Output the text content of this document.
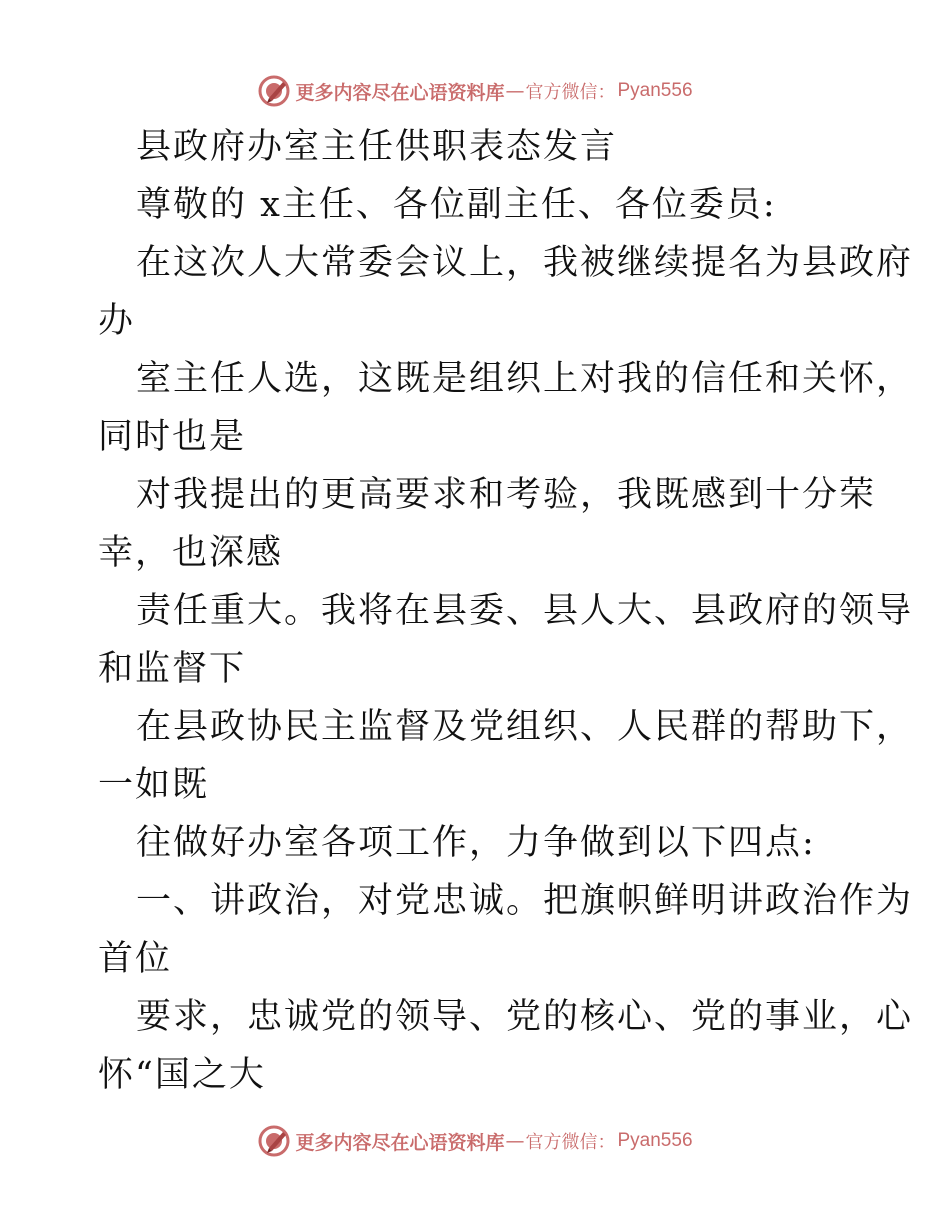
更多内容尽在心语资料库 — 官方微信： Pyan556
县政府办室主任供职表态发言
尊敬的 x主任、各位副主任、各位委员:
在这次人大常委会议上，我被继续提名为县政府
办
室主任人选，这既是组织上对我的信任和关怀，
同时也是
对我提出的更高要求和考验，我既感到十分荣
幸，也深感
责任重大。我将在县委、县人大、县政府的领导
和监督下
在县政协民主监督及党组织、人民群的帮助下，
一如既
往做好办室各项工作，力争做到以下四点:
一、讲政治，对党忠诚。把旗帜鲜明讲政治作为
首位
要求，忠诚党的领导、党的核心、党的事业，心
怀“国之大
更多内容尽在心语资料库 — 官方微信： Pyan556
